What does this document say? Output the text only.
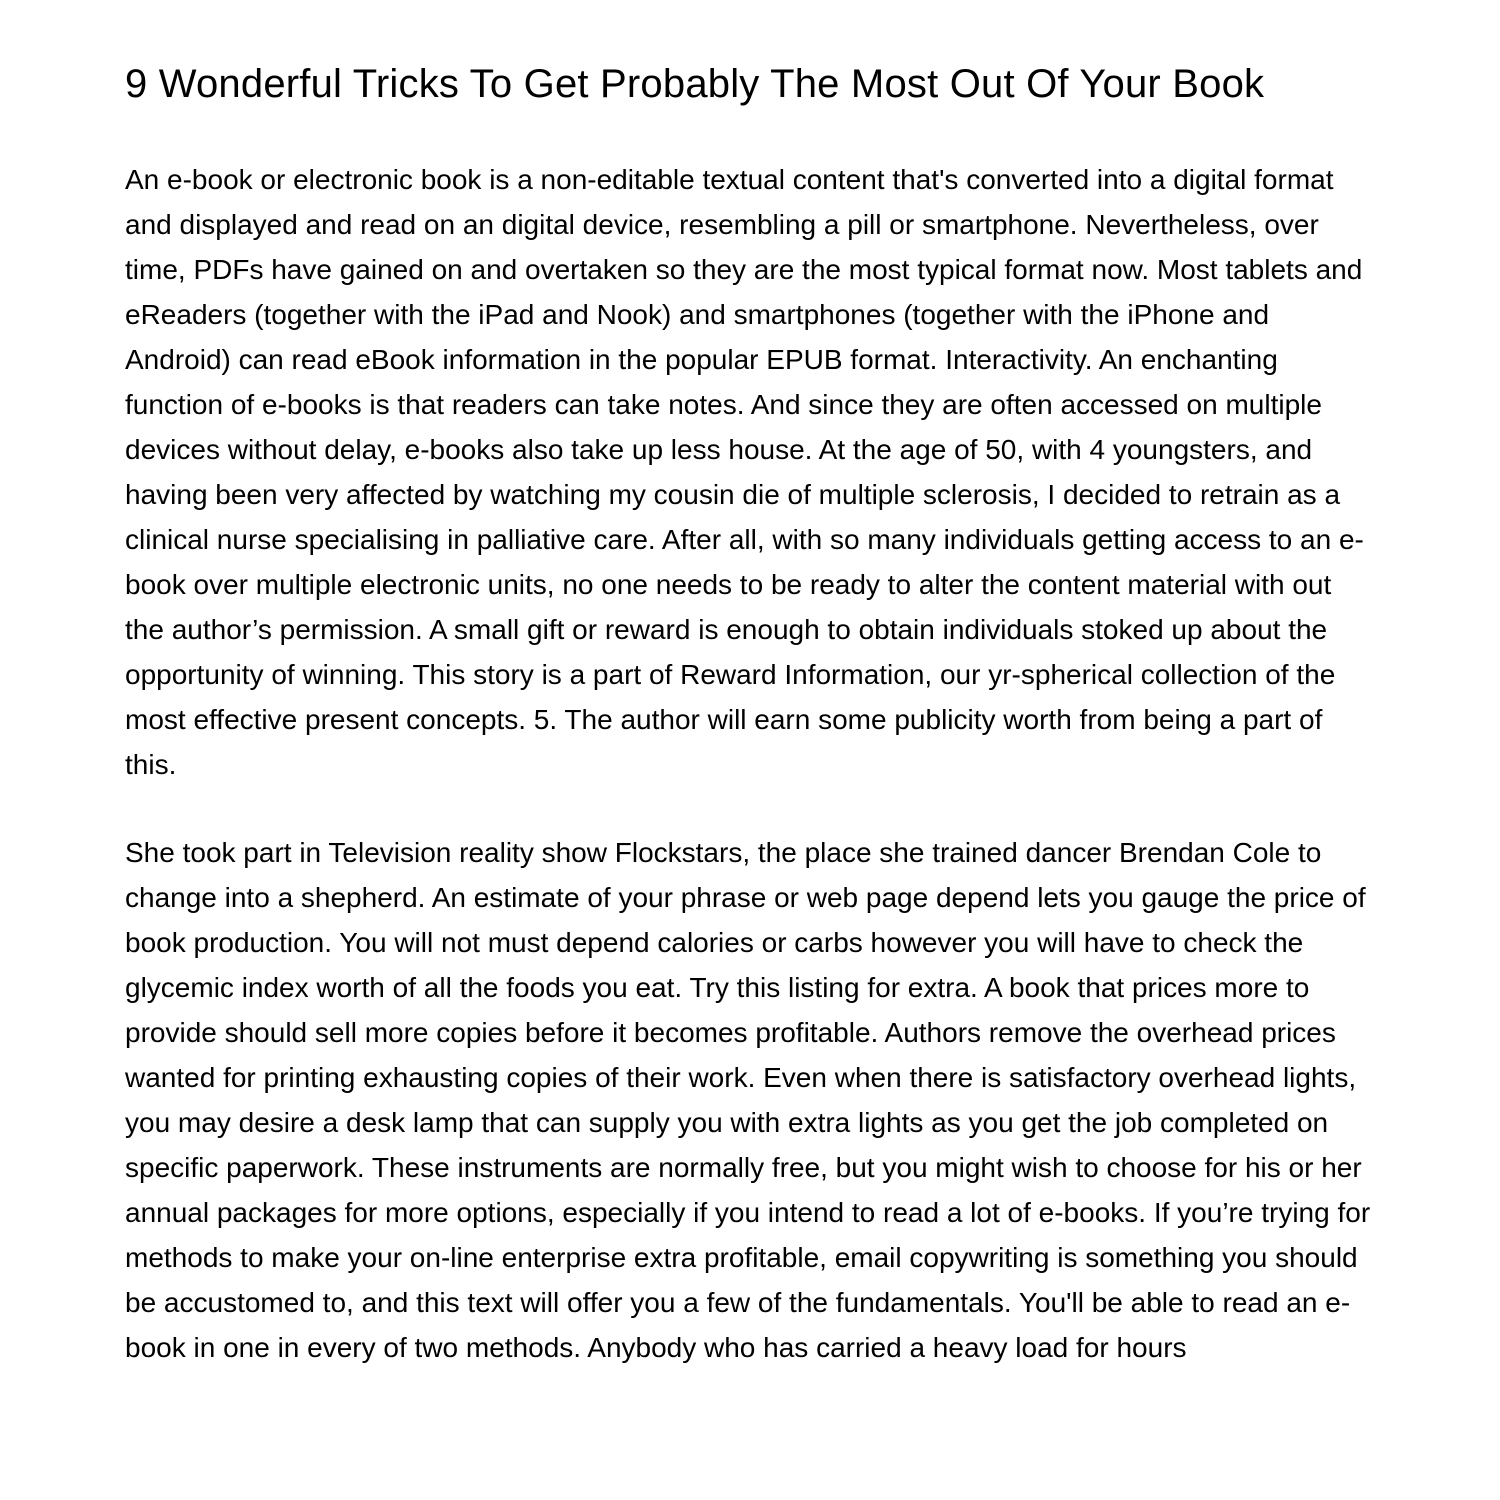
9 Wonderful Tricks To Get Probably The Most Out Of Your Book

An e-book or electronic book is a non-editable textual content that's converted into a digital format and displayed and read on an digital device, resembling a pill or smartphone. Nevertheless, over time, PDFs have gained on and overtaken so they are the most typical format now. Most tablets and eReaders (together with the iPad and Nook) and smartphones (together with the iPhone and Android) can read eBook information in the popular EPUB format. Interactivity. An enchanting function of e-books is that readers can take notes. And since they are often accessed on multiple devices without delay, e-books also take up less house. At the age of 50, with 4 youngsters, and having been very affected by watching my cousin die of multiple sclerosis, I decided to retrain as a clinical nurse specialising in palliative care. After all, with so many individuals getting access to an e-book over multiple electronic units, no one needs to be ready to alter the content material with out the author’s permission. A small gift or reward is enough to obtain individuals stoked up about the opportunity of winning. This story is a part of Reward Information, our yr-spherical collection of the most effective present concepts. 5. The author will earn some publicity worth from being a part of this.

She took part in Television reality show Flockstars, the place she trained dancer Brendan Cole to change into a shepherd. An estimate of your phrase or web page depend lets you gauge the price of book production. You will not must depend calories or carbs however you will have to check the glycemic index worth of all the foods you eat. Try this listing for extra. A book that prices more to provide should sell more copies before it becomes profitable. Authors remove the overhead prices wanted for printing exhausting copies of their work. Even when there is satisfactory overhead lights, you may desire a desk lamp that can supply you with extra lights as you get the job completed on specific paperwork. These instruments are normally free, but you might wish to choose for his or her annual packages for more options, especially if you intend to read a lot of e-books. If you’re trying for methods to make your on-line enterprise extra profitable, email copywriting is something you should be accustomed to, and this text will offer you a few of the fundamentals. You'll be able to read an e-book in one in every of two methods. Anybody who has carried a heavy load for hours
